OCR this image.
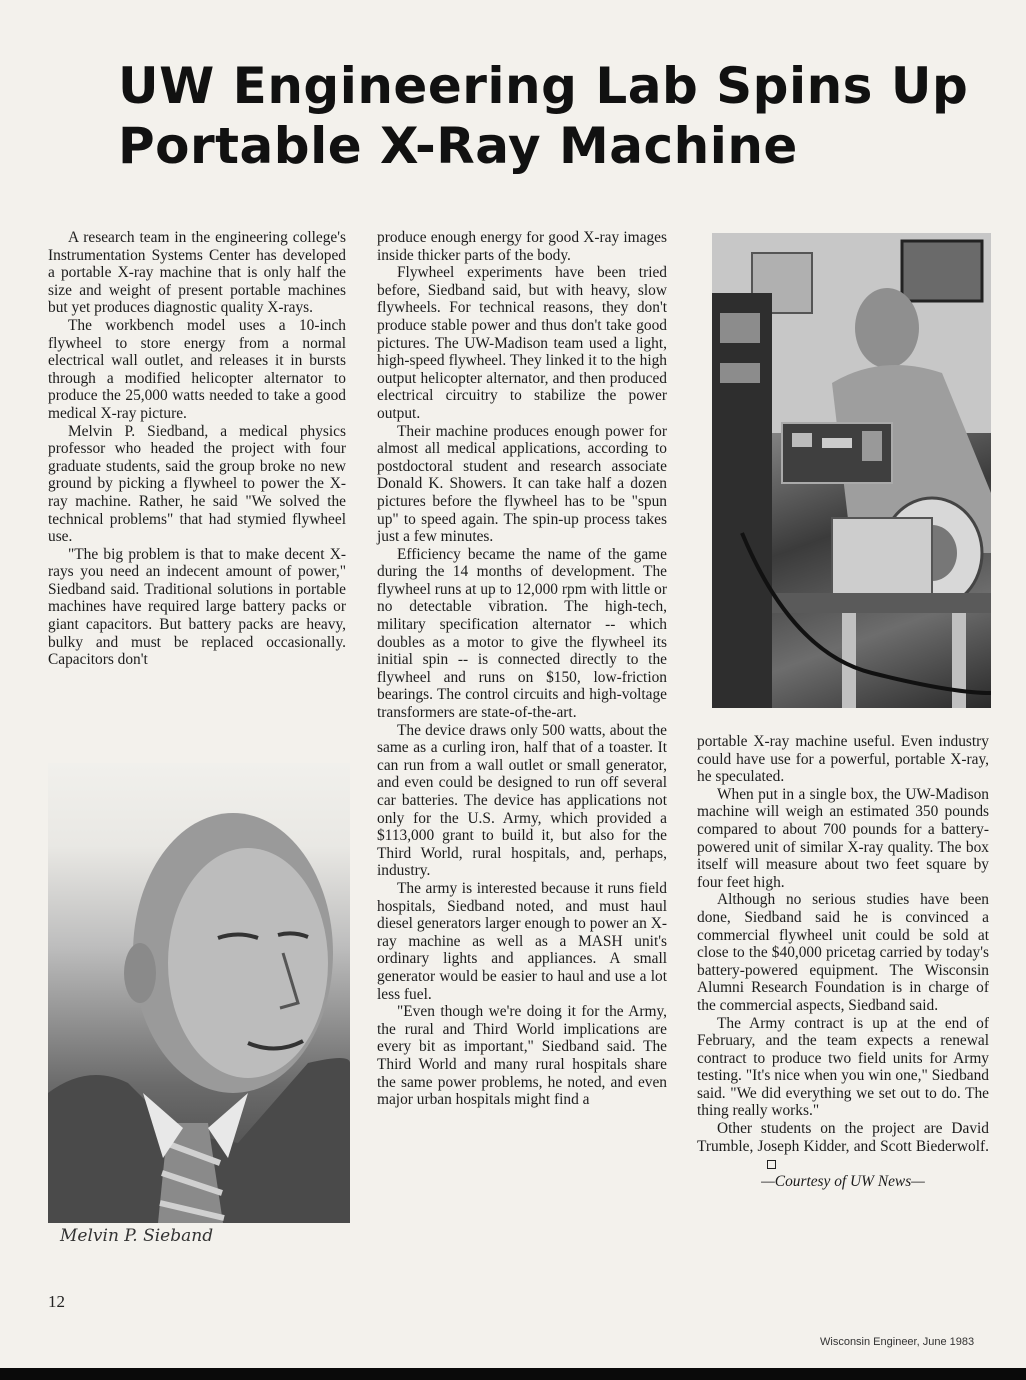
UW Engineering Lab Spins Up
Portable X-Ray Machine

A research team in the engineering college's Instrumentation Systems Center has developed a portable X-ray machine that is only half the size and weight of present portable machines but yet produces diagnostic quality X-rays.

The workbench model uses a 10-inch flywheel to store energy from a normal electrical wall outlet, and releases it in bursts through a modified helicopter alternator to produce the 25,000 watts needed to take a good medical X-ray picture.

Melvin P. Siedband, a medical physics professor who headed the project with four graduate students, said the group broke no new ground by picking a flywheel to power the X-ray machine. Rather, he said "We solved the technical problems" that had stymied flywheel use.

"The big problem is that to make decent X-rays you need an indecent amount of power," Siedband said. Traditional solutions in portable machines have required large battery packs or giant capacitors. But battery packs are heavy, bulky and must be replaced occasionally. Capacitors don't

Melvin P. Sieband

produce enough energy for good X-ray images inside thicker parts of the body.

Flywheel experiments have been tried before, Siedband said, but with heavy, slow flywheels. For technical reasons, they don't produce stable power and thus don't take good pictures. The UW-Madison team used a light, high-speed flywheel. They linked it to the high output helicopter alternator, and then produced electrical circuitry to stabilize the power output.

Their machine produces enough power for almost all medical applications, according to postdoctoral student and research associate Donald K. Showers. It can take half a dozen pictures before the flywheel has to be "spun up" to speed again. The spin-up process takes just a few minutes.

Efficiency became the name of the game during the 14 months of development. The flywheel runs at up to 12,000 rpm with little or no detectable vibration. The high-tech, military specification alternator -- which doubles as a motor to give the flywheel its initial spin -- is connected directly to the flywheel and runs on $150, low-friction bearings. The control circuits and high-voltage transformers are state-of-the-art.

The device draws only 500 watts, about the same as a curling iron, half that of a toaster. It can run from a wall outlet or small generator, and even could be designed to run off several car batteries. The device has applications not only for the U.S. Army, which provided a $113,000 grant to build it, but also for the Third World, rural hospitals, and, perhaps, industry.

The army is interested because it runs field hospitals, Siedband noted, and must haul diesel generators larger enough to power an X-ray machine as well as a MASH unit's ordinary lights and appliances. A small generator would be easier to haul and use a lot less fuel.

"Even though we're doing it for the Army, the rural and Third World implications are every bit as important," Siedband said. The Third World and many rural hospitals share the same power problems, he noted, and even major urban hospitals might find a

portable X-ray machine useful. Even industry could have use for a powerful, portable X-ray, he speculated.

When put in a single box, the UW-Madison machine will weigh an estimated 350 pounds compared to about 700 pounds for a battery-powered unit of similar X-ray quality. The box itself will measure about two feet square by four feet high.

Although no serious studies have been done, Siedband said he is convinced a commercial flywheel unit could be sold at close to the $40,000 pricetag carried by today's battery-powered equipment. The Wisconsin Alumni Research Foundation is in charge of the commercial aspects, Siedband said.

The Army contract is up at the end of February, and the team expects a renewal contract to produce two field units for Army testing. "It's nice when you win one," Siedband said. "We did everything we set out to do. The thing really works."

Other students on the project are David Trumble, Joseph Kidder, and Scott Biederwolf.

—Courtesy of UW News—

12
Wisconsin Engineer, June 1983
